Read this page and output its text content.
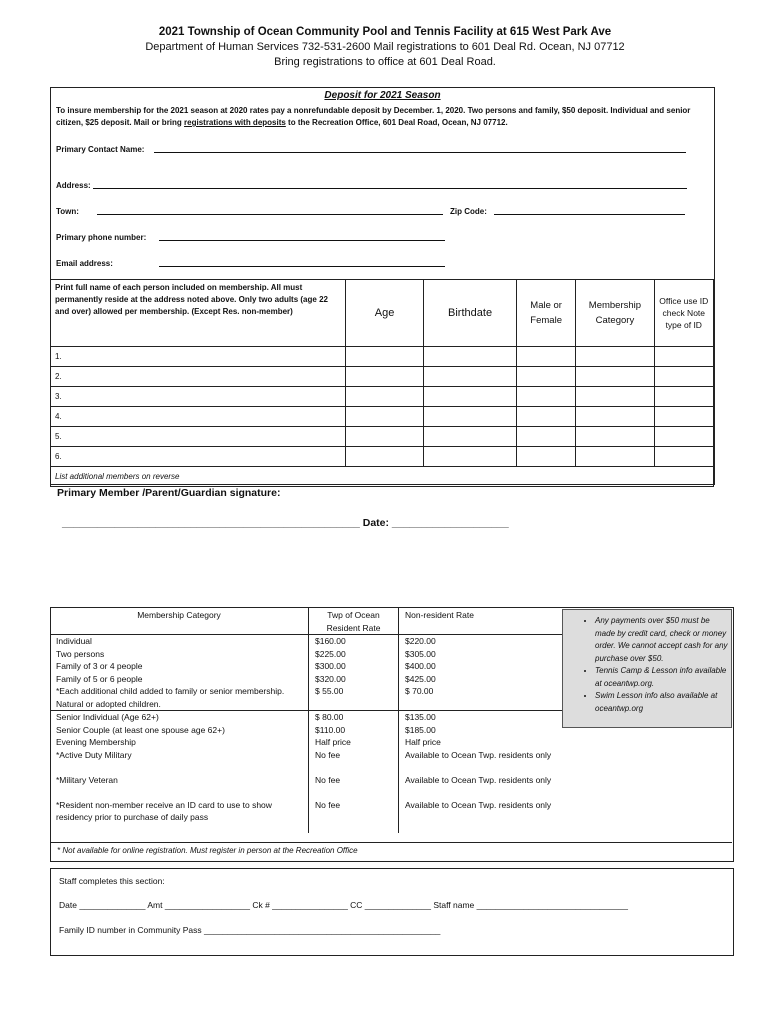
2021 Township of Ocean Community Pool and Tennis Facility at 615 West Park Ave
Department of Human Services 732-531-2600 Mail registrations to 601 Deal Rd. Ocean, NJ 07712
Bring registrations to office at 601 Deal Road.
Deposit for 2021 Season
To insure membership for the 2021 season at 2020 rates pay a nonrefundable deposit by December. 1, 2020. Two persons and family, $50 deposit. Individual and senior citizen, $25 deposit. Mail or bring registrations with deposits to the Recreation Office, 601 Deal Road, Ocean, NJ 07712.
Primary Contact Name:
Address:
Town:	Zip Code:
Primary phone number:
Email address:
Print full name of each person included on membership. All must permanently reside at the address noted above. Only two adults (age 22 and over) allowed per membership. (Except Res. non-member)	Age	Birthdate	Male or Female	Membership Category	Office use ID check Note type of ID
1.					
2.					
3.					
4.					
5.					
6.					
List additional members on reverse					
Primary Member /Parent/Guardian signature:
___________________________________________________ Date: ____________________
Membership Category	Twp of Ocean Resident Rate	Non-resident Rate
Individual	$160.00	$220.00
Two persons	$225.00	$305.00
Family of 3 or 4 people	$300.00	$400.00
Family of 5 or 6 people	$320.00	$425.00
*Each additional child added to family or senior membership. Natural or adopted children.	$ 55.00	$ 70.00
Senior Individual (Age 62+)	$ 80.00	$135.00
Senior Couple (at least one spouse age 62+)	$110.00	$185.00
Evening Membership	Half price	Half price
*Active Duty Military	No fee	Available to Ocean Twp. residents only
*Military Veteran	No fee	Available to Ocean Twp. residents only
*Resident non-member receive an ID card to use to show residency prior to purchase of daily pass	No fee	Available to Ocean Twp. residents only
* Not available for online registration. Must register in person at the Recreation Office
• Any payments over $50 must be made by credit card, check or money order. We cannot accept cash for any purchase over $50.
• Tennis Camp & Lesson info available at oceantwp.org.
• Swim Lesson info also available at oceantwp.org
Staff completes this section:
Date ______________ Amt __________________ Ck # ________________ CC ______________ Staff name ________________________________
Family ID number in Community Pass __________________________________________________
